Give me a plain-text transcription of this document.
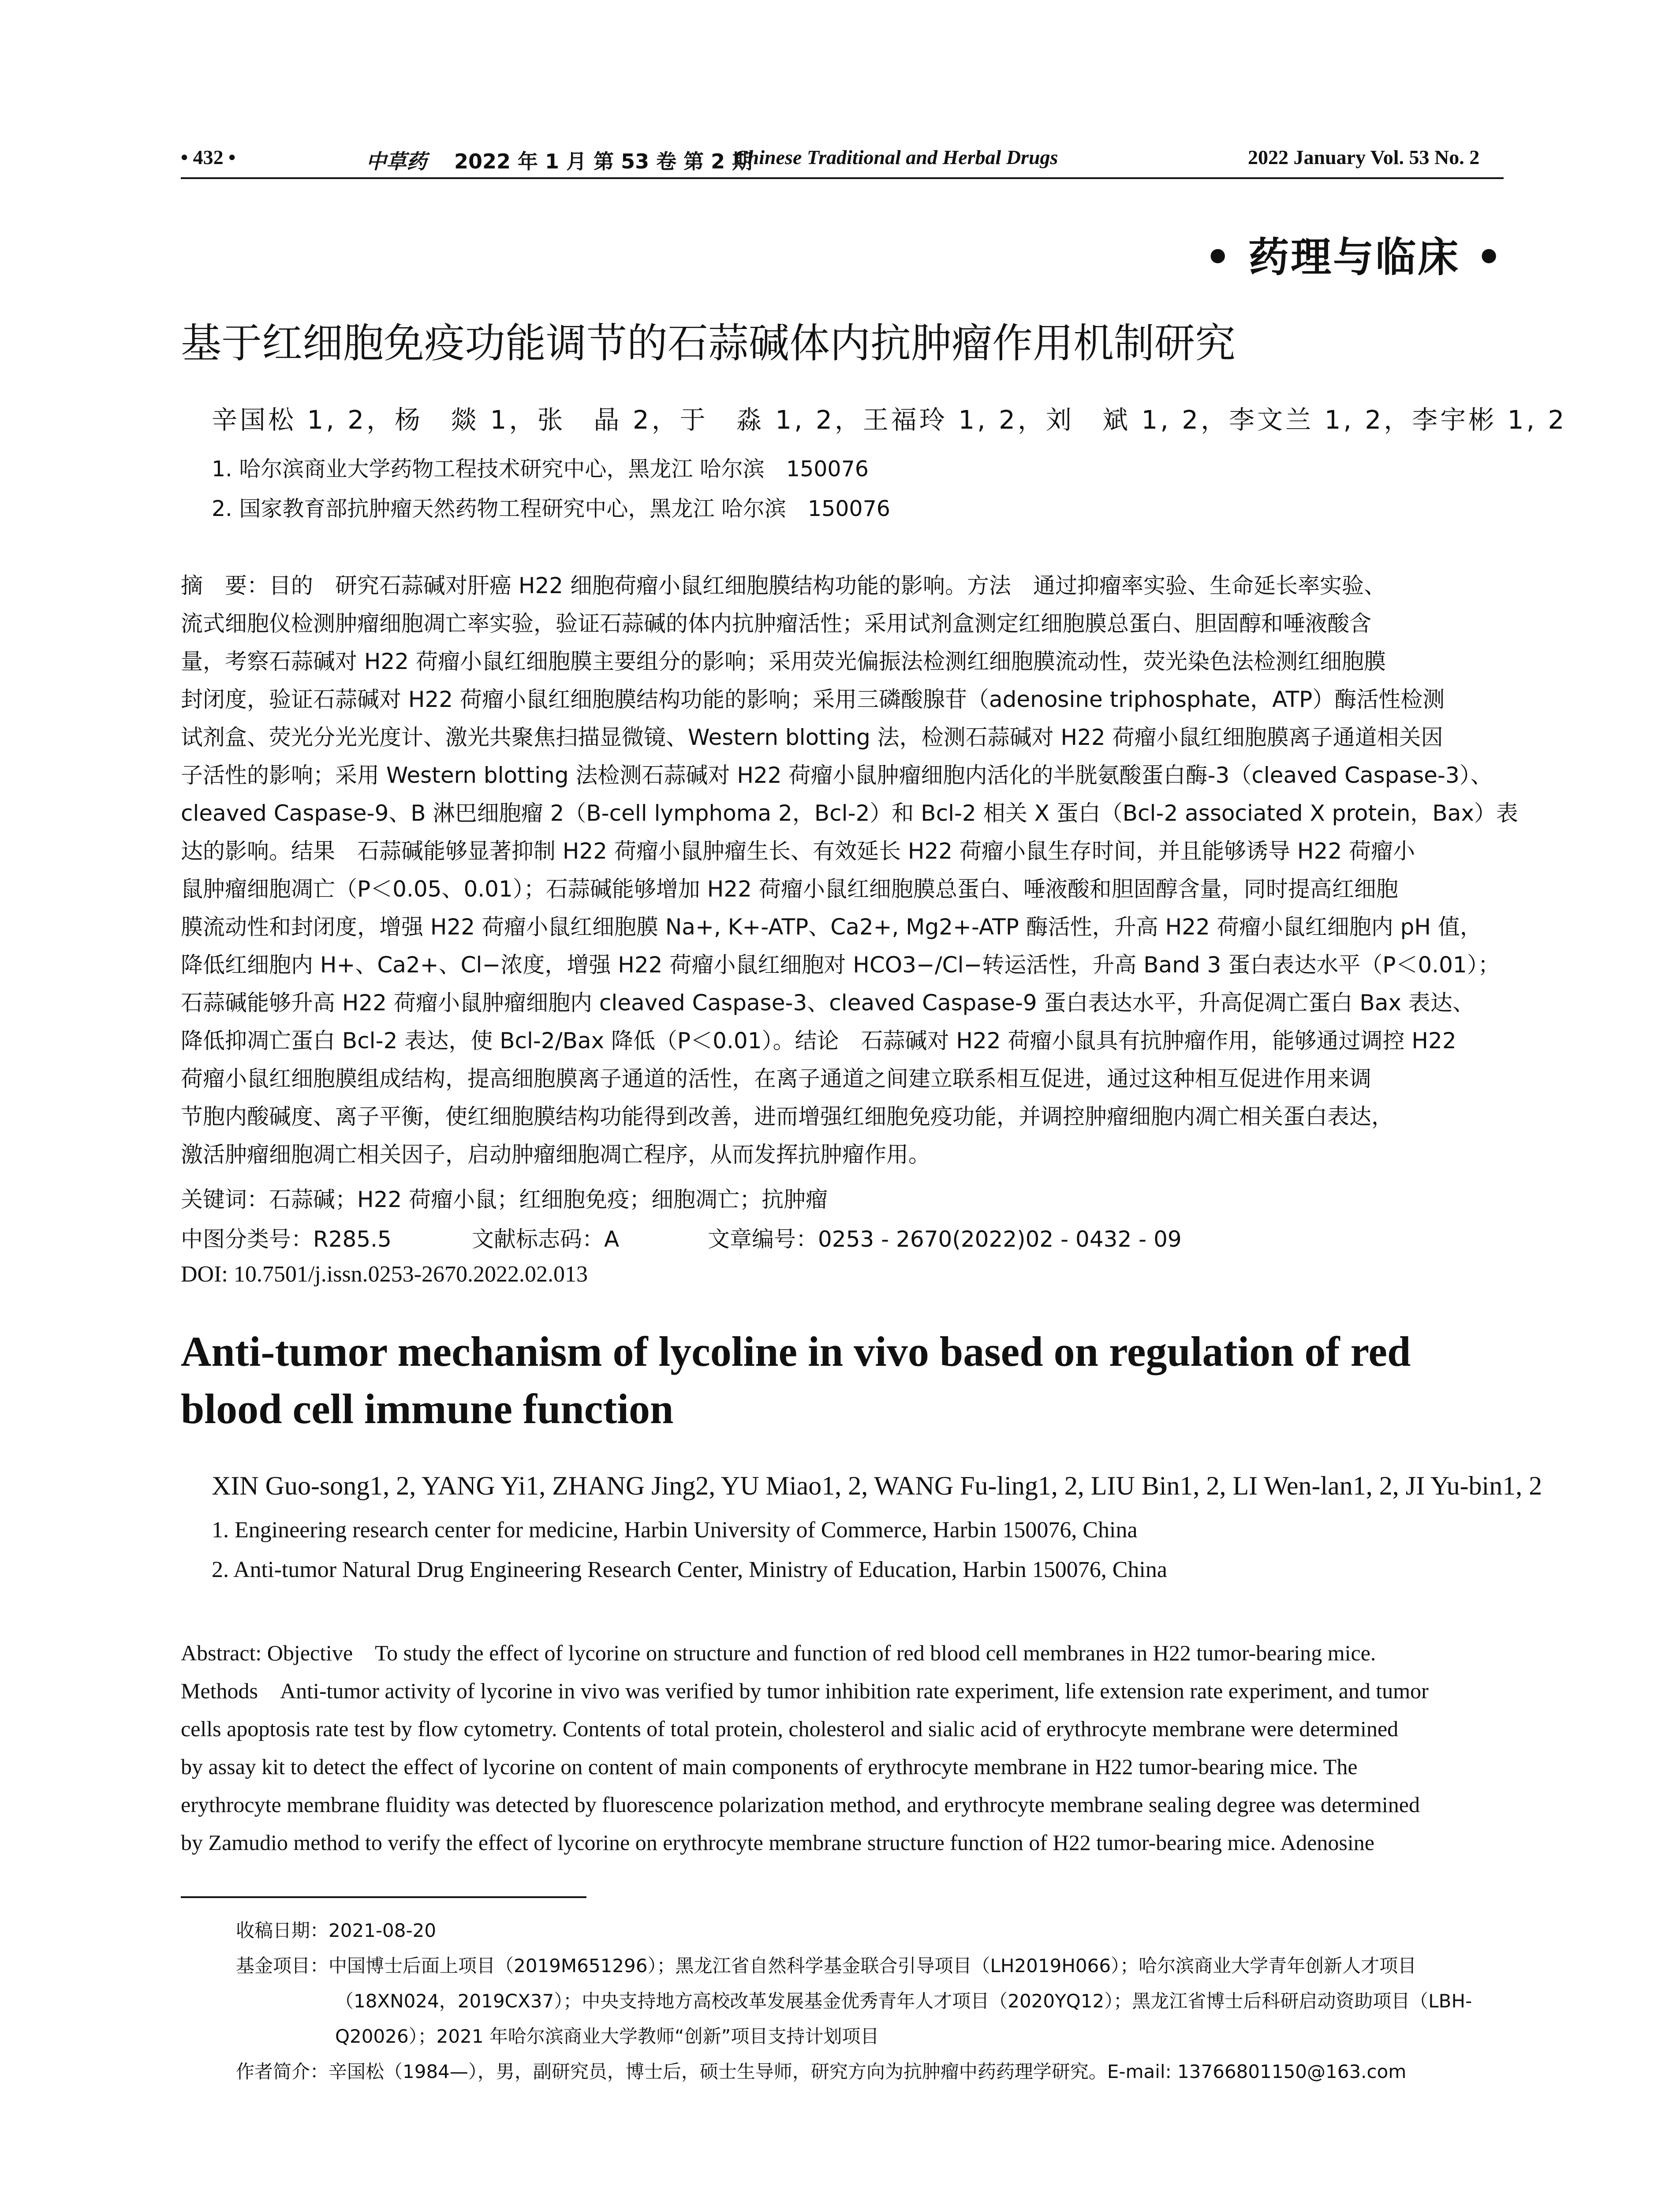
• 432 •	中草药 2022 年 1 月 第 53 卷 第 2 期
Chinese Traditional and Herbal Drugs	2022 January Vol. 53 No. 2
• 药理与临床 •
基于红细胞免疫功能调节的石蒜碱体内抗肿瘤作用机制研究
辛国松 1, 2，杨　燚 1，张　晶 2，于　淼 1, 2，王福玲 1, 2，刘　斌 1, 2，李文兰 1, 2，李宇彬 1, 2
1. 哈尔滨商业大学药物工程技术研究中心，黑龙江 哈尔滨　150076
2. 国家教育部抗肿瘤天然药物工程研究中心，黑龙江 哈尔滨　150076
摘　要：目的　研究石蒜碱对肝癌 H22 细胞荷瘤小鼠红细胞膜结构功能的影响。方法　通过抑瘤率实验、生命延长率实验、
流式细胞仪检测肿瘤细胞凋亡率实验，验证石蒜碱的体内抗肿瘤活性；采用试剂盒测定红细胞膜总蛋白、胆固醇和唾液酸含
量，考察石蒜碱对 H22 荷瘤小鼠红细胞膜主要组分的影响；采用荧光偏振法检测红细胞膜流动性，荧光染色法检测红细胞膜
封闭度，验证石蒜碱对 H22 荷瘤小鼠红细胞膜结构功能的影响；采用三磷酸腺苷（adenosine triphosphate，ATP）酶活性检测
试剂盒、荧光分光光度计、激光共聚焦扫描显微镜、Western blotting 法，检测石蒜碱对 H22 荷瘤小鼠红细胞膜离子通道相关因
子活性的影响；采用 Western blotting 法检测石蒜碱对 H22 荷瘤小鼠肿瘤细胞内活化的半胱氨酸蛋白酶-3（cleaved Caspase-3）、
cleaved Caspase-9、B 淋巴细胞瘤 2（B-cell lymphoma 2，Bcl-2）和 Bcl-2 相关 X 蛋白（Bcl-2 associated X protein，Bax）表
达的影响。结果　石蒜碱能够显著抑制 H22 荷瘤小鼠肿瘤生长、有效延长 H22 荷瘤小鼠生存时间，并且能够诱导 H22 荷瘤小
鼠肿瘤细胞凋亡（P＜0.05、0.01）；石蒜碱能够增加 H22 荷瘤小鼠红细胞膜总蛋白、唾液酸和胆固醇含量，同时提高红细胞
膜流动性和封闭度，增强 H22 荷瘤小鼠红细胞膜 Na+, K+-ATP、Ca2+, Mg2+-ATP 酶活性，升高 H22 荷瘤小鼠红细胞内 pH 值，
降低红细胞内 H+、Ca2+、Cl−浓度，增强 H22 荷瘤小鼠红细胞对 HCO3−/Cl−转运活性，升高 Band 3 蛋白表达水平（P＜0.01）；
石蒜碱能够升高 H22 荷瘤小鼠肿瘤细胞内 cleaved Caspase-3、cleaved Caspase-9 蛋白表达水平，升高促凋亡蛋白 Bax 表达、
降低抑凋亡蛋白 Bcl-2 表达，使 Bcl-2/Bax 降低（P＜0.01）。结论　石蒜碱对 H22 荷瘤小鼠具有抗肿瘤作用，能够通过调控 H22
荷瘤小鼠红细胞膜组成结构，提高细胞膜离子通道的活性，在离子通道之间建立联系相互促进，通过这种相互促进作用来调
节胞内酸碱度、离子平衡，使红细胞膜结构功能得到改善，进而增强红细胞免疫功能，并调控肿瘤细胞内凋亡相关蛋白表达，
激活肿瘤细胞凋亡相关因子，启动肿瘤细胞凋亡程序，从而发挥抗肿瘤作用。
关键词：石蒜碱；H22 荷瘤小鼠；红细胞免疫；细胞凋亡；抗肿瘤
中图分类号：R285.5	文献标志码：A	文章编号：0253 - 2670(2022)02 - 0432 - 09
DOI: 10.7501/j.issn.0253-2670.2022.02.013
Anti-tumor mechanism of lycoline in vivo based on regulation of red blood cell immune function
XIN Guo-song1, 2, YANG Yi1, ZHANG Jing2, YU Miao1, 2, WANG Fu-ling1, 2, LIU Bin1, 2, LI Wen-lan1, 2, JI Yu-bin1, 2
1. Engineering research center for medicine, Harbin University of Commerce, Harbin 150076, China
2. Anti-tumor Natural Drug Engineering Research Center, Ministry of Education, Harbin 150076, China
Abstract: Objective　To study the effect of lycorine on structure and function of red blood cell membranes in H22 tumor-bearing mice.
Methods　Anti-tumor activity of lycorine in vivo was verified by tumor inhibition rate experiment, life extension rate experiment, and tumor
cells apoptosis rate test by flow cytometry. Contents of total protein, cholesterol and sialic acid of erythrocyte membrane were determined
by assay kit to detect the effect of lycorine on content of main components of erythrocyte membrane in H22 tumor-bearing mice. The
erythrocyte membrane fluidity was detected by fluorescence polarization method, and erythrocyte membrane sealing degree was determined
by Zamudio method to verify the effect of lycorine on erythrocyte membrane structure function of H22 tumor-bearing mice. Adenosine
收稿日期：2021-08-20
基金项目：中国博士后面上项目（2019M651296）；黑龙江省自然科学基金联合引导项目（LH2019H066）；哈尔滨商业大学青年创新人才项目
（18XN024，2019CX37）；中央支持地方高校改革发展基金优秀青年人才项目（2020YQ12）；黑龙江省博士后科研启动资助项目（LBH-
Q20026）；2021 年哈尔滨商业大学教师“创新”项目支持计划项目
作者简介：辛国松（1984—），男，副研究员，博士后，硕士生导师，研究方向为抗肿瘤中药药理学研究。E-mail: 13766801150@163.com
